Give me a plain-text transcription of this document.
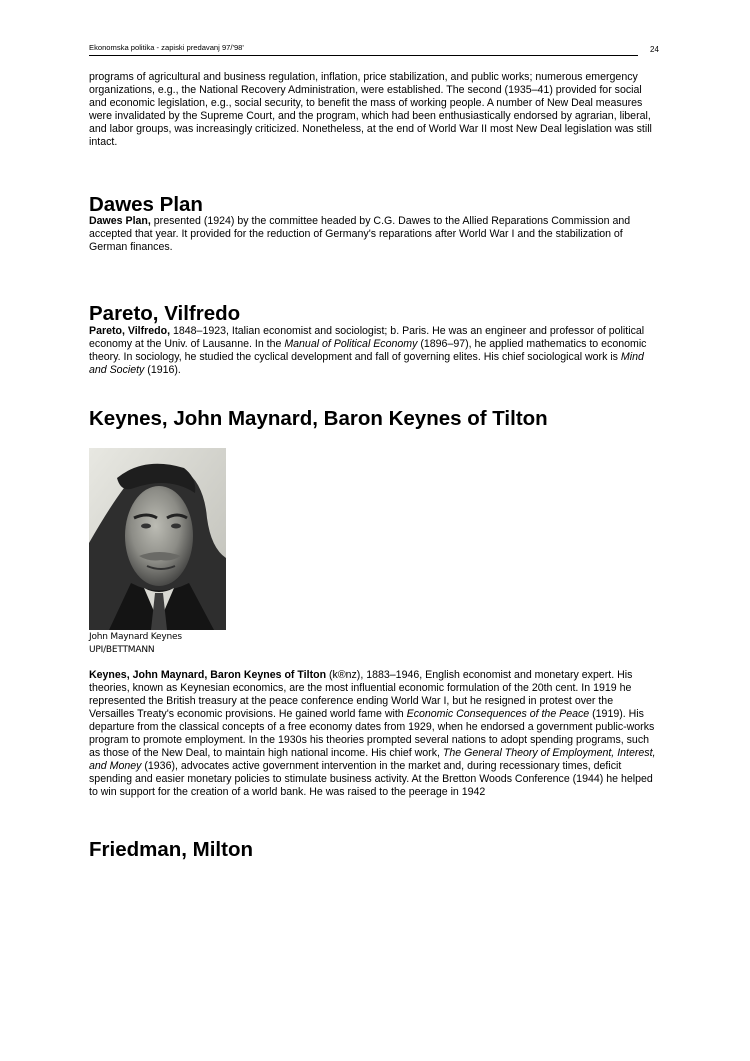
Ekonomska politika - zapiski predavanj 97/'98'	24

programs of agricultural and business regulation, inflation, price stabilization, and public works; numerous emergency organizations, e.g., the National Recovery Administration, were established. The second (1935–41) provided for social and economic legislation, e.g., social security, to benefit the mass of working people. A number of New Deal measures were invalidated by the Supreme Court, and the program, which had been enthusiastically endorsed by agrarian, liberal, and labor groups, was increasingly criticized. Nonetheless, at the end of World War II most New Deal legislation was still intact.

Dawes Plan

Dawes Plan, presented (1924) by the committee headed by C.G. Dawes to the Allied Reparations Commission and accepted that year. It provided for the reduction of Germany's reparations after World War I and the stabilization of German finances.

Pareto, Vilfredo

Pareto, Vilfredo, 1848–1923, Italian economist and sociologist; b. Paris. He was an engineer and professor of political economy at the Univ. of Lausanne. In the Manual of Political Economy (1896–97), he applied mathematics to economic theory. In sociology, he studied the cyclical development and fall of governing elites. His chief sociological work is Mind and Society (1916).

Keynes, John Maynard, Baron Keynes of Tilton
John Maynard Keynes
UPI/BETTMANN

Keynes, John Maynard, Baron Keynes of Tilton (k®nz), 1883–1946, English economist and monetary expert. His theories, known as Keynesian economics, are the most influential economic formulation of the 20th cent. In 1919 he represented the British treasury at the peace conference ending World War I, but he resigned in protest over the Versailles Treaty's economic provisions. He gained world fame with Economic Consequences of the Peace (1919). His departure from the classical concepts of a free economy dates from 1929, when he endorsed a government public-works program to promote employment. In the 1930s his theories prompted several nations to adopt spending programs, such as those of the New Deal, to maintain high national income. His chief work, The General Theory of Employment, Interest, and Money (1936), advocates active government intervention in the market and, during recessionary times, deficit spending and easier monetary policies to stimulate business activity. At the Bretton Woods Conference (1944) he helped to win support for the creation of a world bank. He was raised to the peerage in 1942

Friedman, Milton
